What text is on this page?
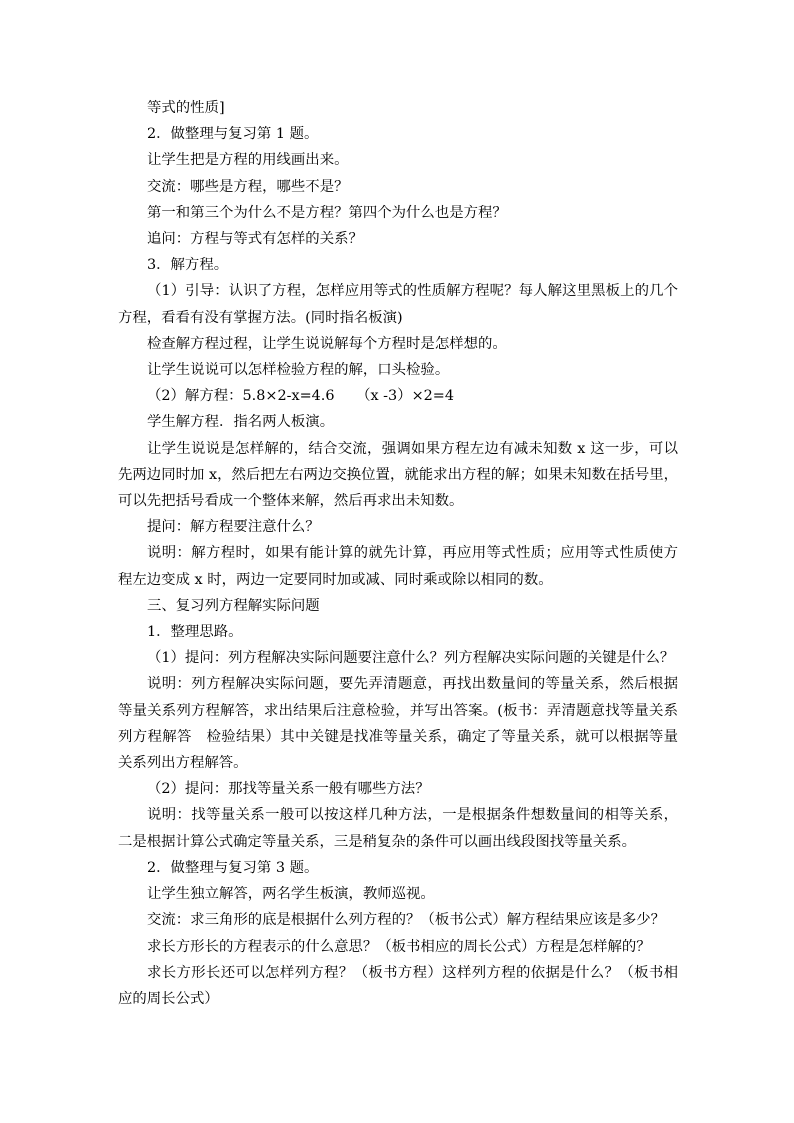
等式的性质]

2．做整理与复习第 1 题。

让学生把是方程的用线画出来。

交流：哪些是方程，哪些不是？

第一和第三个为什么不是方程？第四个为什么也是方程？

追问：方程与等式有怎样的关系？

3．解方程。

（1）引导：认识了方程，怎样应用等式的性质解方程呢？每人解这里黑板上的几个方程，看看有没有掌握方法。(同时指名板演)

检查解方程过程，让学生说说解每个方程时是怎样想的。

让学生说说可以怎样检验方程的解，口头检验。

（2）解方程：5.8×2-x=4.6　　（x -3）×2=4

学生解方程．指名两人板演。

让学生说说是怎样解的，结合交流，强调如果方程左边有减未知数 x 这一步，可以先两边同时加 x，然后把左右两边交换位置，就能求出方程的解；如果未知数在括号里，可以先把括号看成一个整体来解，然后再求出未知数。

提问：解方程要注意什么？

说明：解方程时，如果有能计算的就先计算，再应用等式性质；应用等式性质使方程左边变成 x 时，两边一定要同时加或减、同时乘或除以相同的数。

三、复习列方程解实际问题

1．整理思路。

（1）提问：列方程解决实际问题要注意什么？列方程解决实际问题的关键是什么？

说明：列方程解决实际问题，要先弄清题意，再找出数量间的等量关系，然后根据等量关系列方程解答，求出结果后注意检验，并写出答案。(板书：弄清题意找等量关系　列方程解答　检验结果）其中关键是找准等量关系，确定了等量关系，就可以根据等量关系列出方程解答。

（2）提问：那找等量关系一般有哪些方法？

说明：找等量关系一般可以按这样几种方法，一是根据条件想数量间的相等关系，二是根据计算公式确定等量关系，三是稍复杂的条件可以画出线段图找等量关系。

2．做整理与复习第 3 题。

让学生独立解答，两名学生板演，教师巡视。

交流：求三角形的底是根据什么列方程的？（板书公式）解方程结果应该是多少？

求长方形长的方程表示的什么意思？（板书相应的周长公式）方程是怎样解的？

求长方形长还可以怎样列方程？（板书方程）这样列方程的依据是什么？（板书相应的周长公式）
